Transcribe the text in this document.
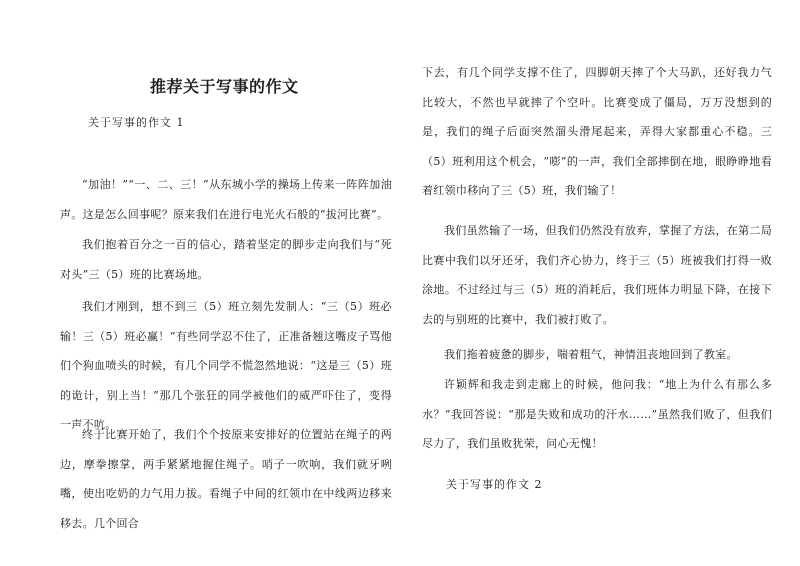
推荐关于写事的作文
关于写事的作文 1
“加油！”“一、二、三！”从东城小学的操场上传来一阵阵加油声。这是怎么回事呢？原来我们在进行电光火石般的“拔河比赛”。
我们抱着百分之一百的信心，踏着坚定的脚步走向我们与“死对头”三（5）班的比赛场地。
我们才刚到，想不到三（5）班立刻先发制人：“三（5）班必输！三（5）班必赢！”有些同学忍不住了，正准备翘这嘴皮子骂他们个狗血喷头的时候，有几个同学不慌忽然地说：“这是三（5）班的诡计，别上当！”那几个张狂的同学被他们的威严吓住了，变得一声不吭。
终于比赛开始了，我们个个按原来安排好的位置站在绳子的两边，摩拳擦掌，两手紧紧地握住绳子。哨子一吹响，我们就牙咧嘴，使出吃奶的力气用力拔。看绳子中间的红领巾在中线两边移来移去。几个回合
下去，有几个同学支撑不住了，四脚朝天摔了个大马趴，还好我力气比较大，不然也早就摔了个空叶。比赛变成了僵局，万万没想到的是，我们的绳子后面突然溜头滑尾起来，弄得大家都重心不稳。三（5）班利用这个机会，“嘭”的一声，我们全部摔倒在地，眼睁睁地看着红领巾移向了三（5）班，我们输了！
我们虽然输了一场，但我们仍然没有放弃，掌握了方法，在第二局比赛中我们以牙还牙，我们齐心协力，终于三（5）班被我们打得一败涂地。不过经过与三（5）班的消耗后，我们班体力明显下降，在接下去的与别班的比赛中，我们被打败了。
我们拖着疲惫的脚步，喘着粗气，神情沮丧地回到了教室。
许颖辉和我走到走廊上的时候，他问我：“地上为什么有那么多水？”我回答说：“那是失败和成功的汗水……”虽然我们败了，但我们尽力了，我们虽败犹荣，问心无愧！
关于写事的作文 2
